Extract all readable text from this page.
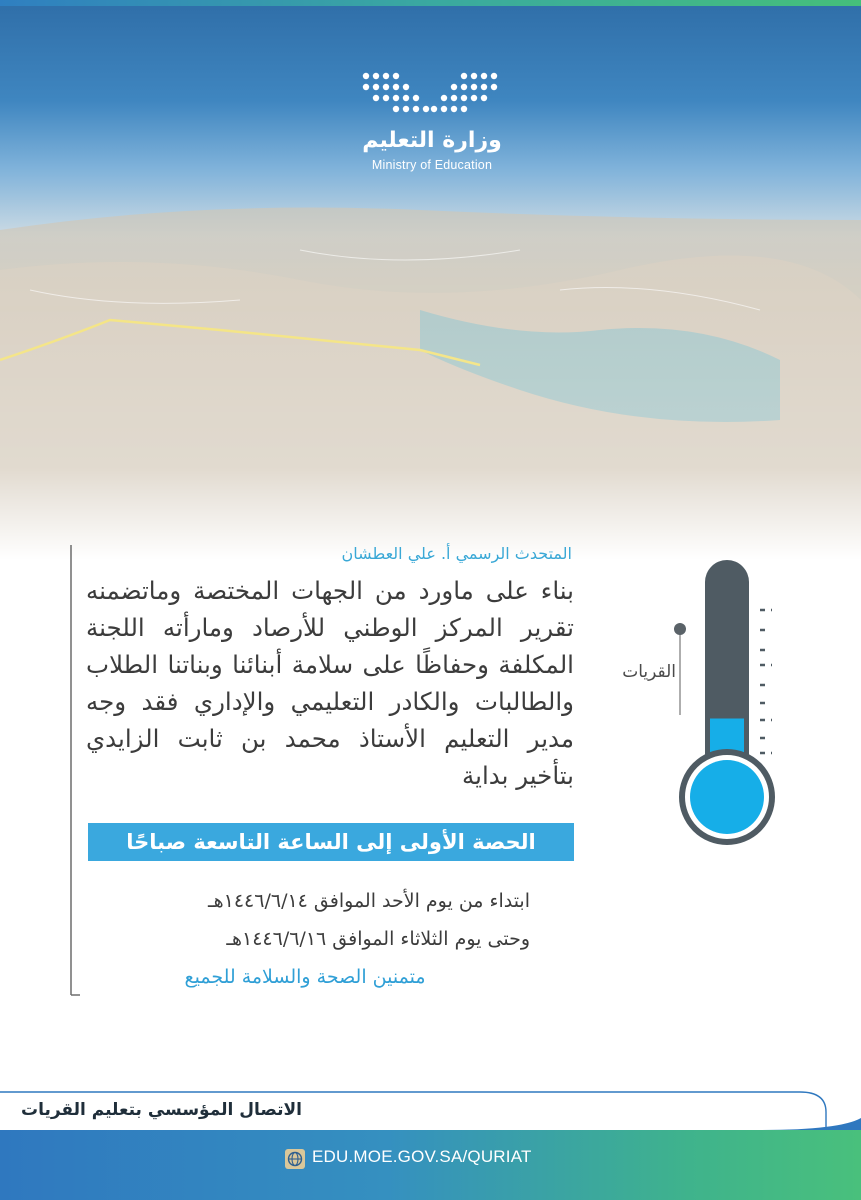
وزارة التعليم
Ministry of Education
المتحدث الرسمي أ. علي العطشان
بناء على ماورد من الجهات المختصة وماتضمنه تقرير المركز الوطني للأرصاد ومارأته اللجنة المكلفة وحفاظًا على سلامة أبنائنا وبناتنا الطلاب والطالبات والكادر التعليمي والإداري فقد وجه مدير التعليم الأستاذ محمد بن ثابت الزايدي بتأخير بداية
الحصة الأولى إلى الساعة التاسعة صباحًا
ابتداء من يوم الأحد الموافق ١٤٤٦/٦/١٤هـ
وحتى يوم الثلاثاء الموافق ١٤٤٦/٦/١٦هـ
متمنين الصحة والسلامة للجميع
القريات
الاتصال المؤسسي بتعليم القريات
EDU.MOE.GOV.SA/QURIAT
